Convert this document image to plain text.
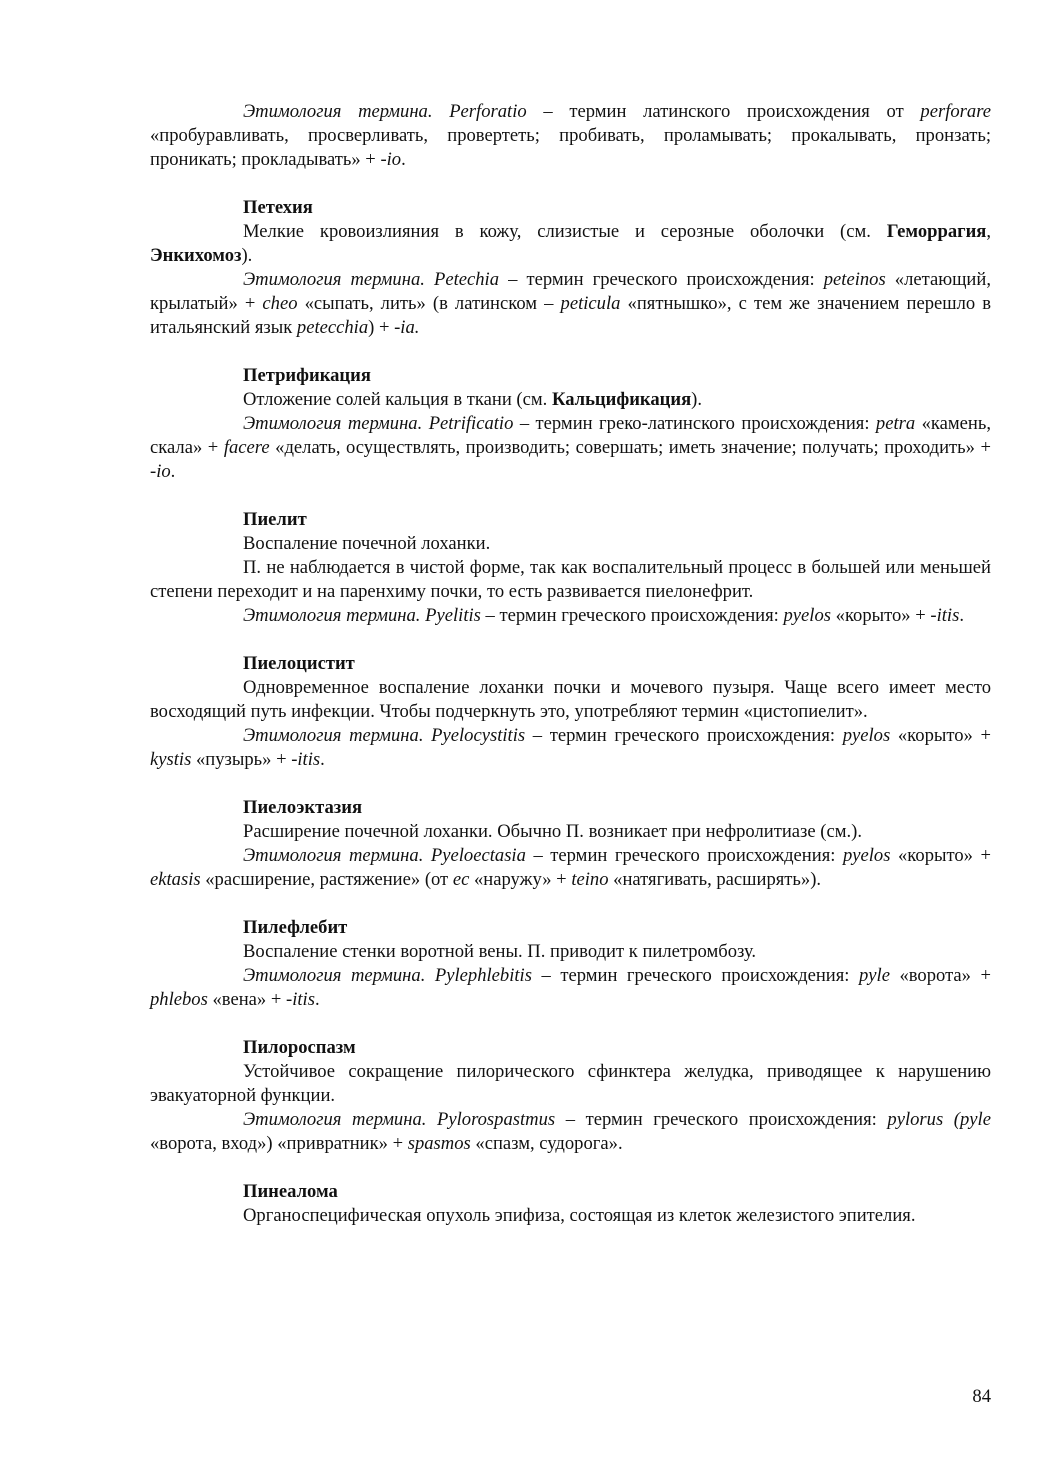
Этимология термина. Perforatio – термин латинского происхождения от perforare «пробуравливать, просверливать, провертеть; пробивать, проламывать; прокалывать, пронзать; проникать; прокладывать» + -io.

Петехия

Мелкие кровоизлияния в кожу, слизистые и серозные оболочки (см. Геморрагия, Энкихомоз).

Этимология термина. Petechia – термин греческого происхождения: peteinos «летающий, крылатый» + cheo «сыпать, лить» (в латинском – peticula «пятнышко», с тем же значением перешло в итальянский язык petecchia) + -ia.

Петрификация

Отложение солей кальция в ткани (см. Кальцификация).

Этимология термина. Petrificatio – термин греко-латинского происхождения: petra «камень, скала» + facere «делать, осуществлять, производить; совершать; иметь значение; получать; проходить» + -io.

Пиелит

Воспаление почечной лоханки.

П. не наблюдается в чистой форме, так как воспалительный процесс в большей или меньшей степени переходит и на паренхиму почки, то есть развивается пиелонефрит.

Этимология термина. Pyelitis – термин греческого происхождения: pyelos «корыто» + -itis.

Пиелоцистит

Одновременное воспаление лоханки почки и мочевого пузыря. Чаще всего имеет место восходящий путь инфекции. Чтобы подчеркнуть это, употребляют термин «цистопиелит».

Этимология термина. Pyelocystitis – термин греческого происхождения: pyelos «корыто» + kystis «пузырь» + -itis.

Пиелоэктазия

Расширение почечной лоханки. Обычно П. возникает при нефролитиазе (см.).

Этимология термина. Pyeloectasia – термин греческого происхождения: pyelos «корыто» + ektasis «расширение, растяжение» (от ec «наружу» + teino «натягивать, расширять»).

Пилефлебит

Воспаление стенки воротной вены. П. приводит к пилетромбозу.

Этимология термина. Pylephlebitis – термин греческого происхождения: pyle «ворота» + phlebos «вена» + -itis.

Пилороспазм

Устойчивое сокращение пилорического сфинктера желудка, приводящее к нарушению эвакуаторной функции.

Этимология термина. Pylorospastmus – термин греческого происхождения: pylorus (pyle «ворота, вход») «привратник» + spasmos «спазм, судорога».

Пинеалома

Органоспецифическая опухоль эпифиза, состоящая из клеток железистого эпителия.

84
